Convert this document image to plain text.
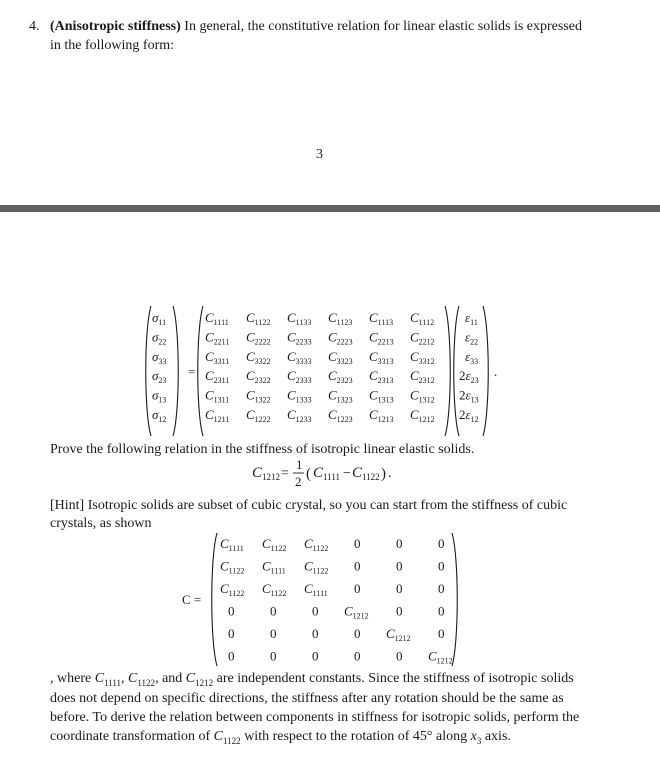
4. (Anisotropic stiffness) In general, the constitutive relation for linear elastic solids is expressed
in the following form:
3
$\sigma_{11}$
$\sigma_{22}$
$\sigma_{33}$
$\sigma_{23}$
$\sigma_{13}$
$\sigma_{12}$
$C_{1111}$ $C_{1122}$ $C_{1133}$ $C_{1123}$ $C_{1113}$ $C_{1112}$
$C_{2211}$ $C_{2222}$ $C_{2233}$ $C_{2223}$ $C_{2213}$ $C_{2212}$
$C_{3311}$ $C_{3322}$ $C_{3333}$ $C_{3323}$ $C_{3313}$ $C_{3312}$
$C_{2311}$ $C_{2322}$ $C_{2333}$ $C_{2323}$ $C_{2313}$ $C_{2312}$
$C_{1311}$ $C_{1322}$ $C_{1333}$ $C_{1323}$ $C_{1313}$ $C_{1312}$
$C_{1211}$ $C_{1222}$ $C_{1233}$ $C_{1223}$ $C_{1213}$ $C_{1212}$
$\varepsilon_{11}$
$\varepsilon_{22}$
$\varepsilon_{33}$
$2\varepsilon_{23}$
$2\varepsilon_{13}$
$2\varepsilon_{12}$
=	.
Prove the following relation in the stiffness of isotropic linear elastic solids.
$C_{1212}$ =
1
2 ( $C_{1111} - C_{1122}$ ) .
[Hint] Isotropic solids are subset of cubic crystal, so you can start from the stiffness of cubic
crystals, as shown
C =
$C_{1111}$ $C_{1122}$ $C_{1122}$ 0	0	0
$C_{1122}$ $C_{1111}$ $C_{1122}$ 0	0	0
$C_{1122}$ $C_{1122}$ $C_{1111}$ 0	0	0
0	0	0 $C_{1212}$ 0	0
0	0	0	0 $C_{1212}$ 0
0	0	0	0	0 $C_{1212}$
, where $C_{1111}$, $C_{1122}$, and $C_{1212}$ are independent constants. Since the stiffness of isotropic solids
does not depend on specific directions, the stiffness after any rotation should be the same as
before. To derive the relation between components in stiffness for isotropic solids, perform the
coordinate transformation of $C_{1122}$ with respect to the rotation of 45° along $x_3$ axis.
